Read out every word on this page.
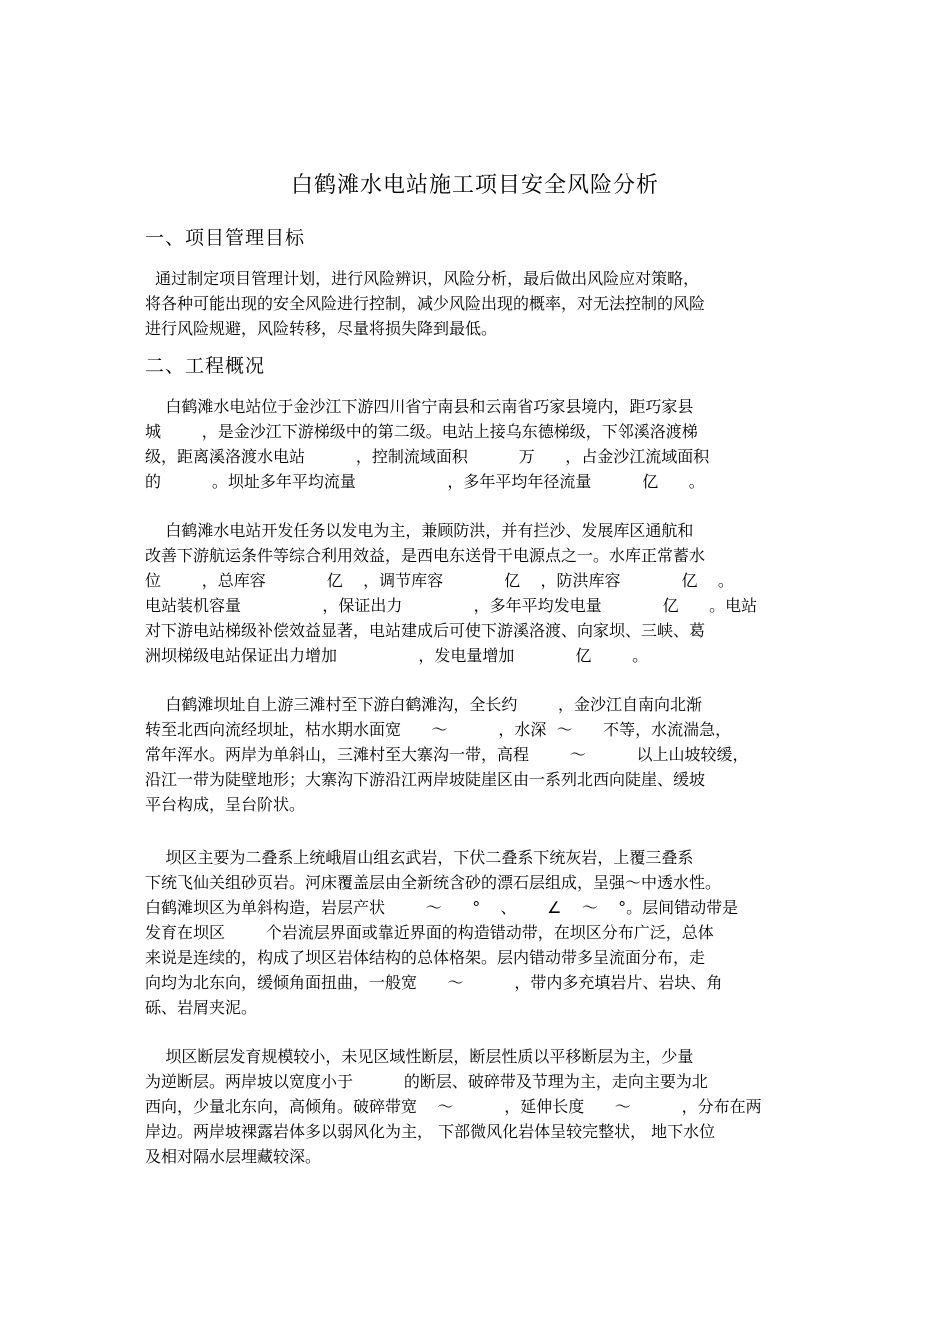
白鹤滩水电站施工项目安全风险分析
一、项目管理目标
通过制定项目管理计划，进行风险辨识，风险分析，最后做出风险应对策略，
将各种可能出现的安全风险进行控制，减少风险出现的概率，对无法控制的风险
进行风险规避，风险转移，尽量将损失降到最低。
二、工程概况
白鹤滩水电站位于金沙江下游四川省宁南县和云南省巧家县境内，距巧家县
城        ，是金沙江下游梯级中的第二级。电站上接乌东德梯级，下邻溪洛渡梯
级，距离溪洛渡水电站          ，控制流域面积          万      ，占金沙江流域面积
的          。坝址多年平均流量                  ，多年平均年径流量          亿      。
白鹤滩水电站开发任务以发电为主，兼顾防洪，并有拦沙、发展库区通航和
改善下游航运条件等综合利用效益，是西电东送骨干电源点之一。水库正常蓄水
位        ，总库容            亿    ，调节库容            亿    ，防洪库容            亿    。
电站装机容量                ，保证出力              ，多年平均发电量            亿      。电站
对下游电站梯级补偿效益显著，电站建成后可使下游溪洛渡、向家坝、三峡、葛
洲坝梯级电站保证出力增加                ，发电量增加            亿        。
白鹤滩坝址自上游三滩村至下游白鹤滩沟，全长约        ，金沙江自南向北渐
转至北西向流经坝址，枯水期水面宽      ～          ，水深  ～      不等，水流湍急，
常年浑水。两岸为单斜山，三滩村至大寨沟一带，高程        ～          以上山坡较缓，
沿江一带为陡壁地形；大寨沟下游沿江两岸坡陡崖区由一系列北西向陡崖、缓坡
平台构成，呈台阶状。
坝区主要为二叠系上统峨眉山组玄武岩，下伏二叠系下统灰岩，上覆三叠系
下统飞仙关组砂页岩。河床覆盖层由全新统含砂的漂石层组成，呈强～中透水性。
白鹤滩坝区为单斜构造，岩层产状        ～      °    、      ∠    ～    °。层间错动带是
发育在坝区        个岩流层界面或靠近界面的构造错动带，在坝区分布广泛，总体
来说是连续的，构成了坝区岩体结构的总体格架。层内错动带多呈流面分布，走
向均为北东向，缓倾角面扭曲，一般宽      ～          ，带内多充填岩片、岩块、角
砾、岩屑夹泥。
坝区断层发育规模较小，未见区域性断层，断层性质以平移断层为主，少量
为逆断层。两岸坡以宽度小于          的断层、破碎带及节理为主，走向主要为北
西向，少量北东向，高倾角。破碎带宽    ～          ，延伸长度      ～          ，分布在两
岸边。两岸坡裸露岩体多以弱风化为主， 下部微风化岩体呈较完整状， 地下水位
及相对隔水层埋藏较深。
